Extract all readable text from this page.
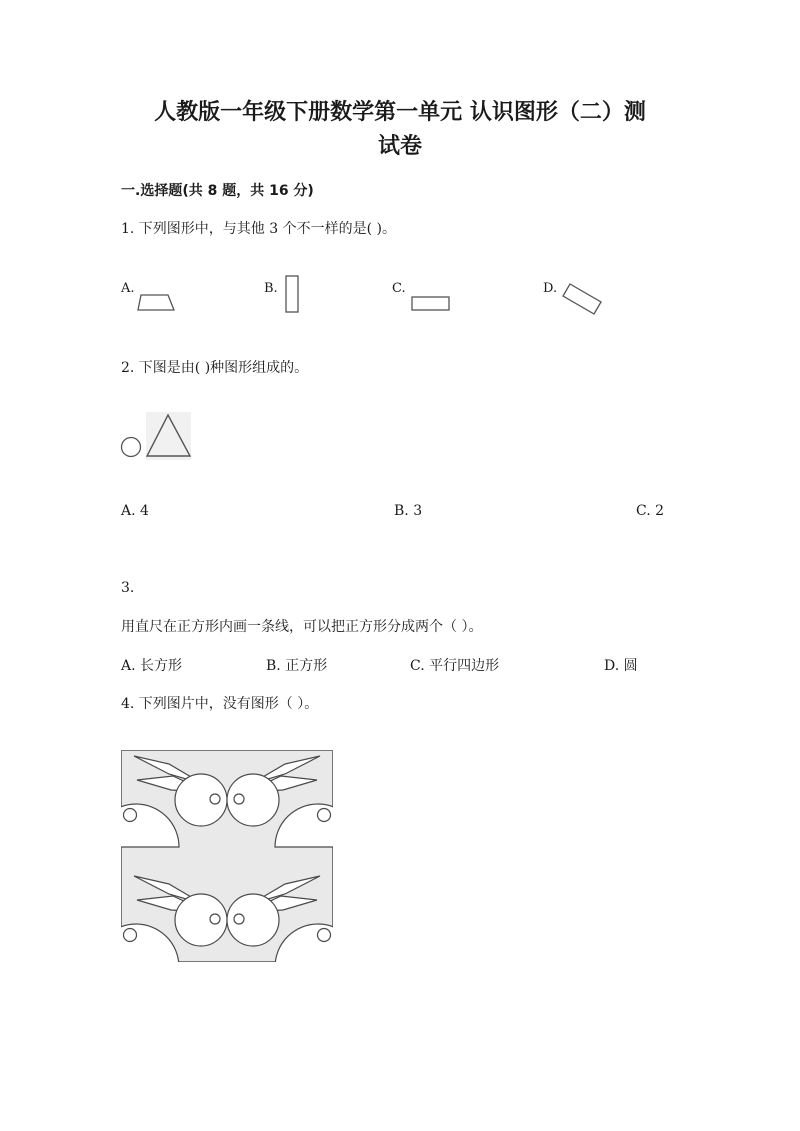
人教版一年级下册数学第一单元 认识图形（二）测
试卷
一.选择题(共 8 题，共 16 分)
1. 下列图形中，与其他 3 个不一样的是( )。
A.	B.	C.	D.
2. 下图是由( )种图形组成的。
A. 4	B. 3	C. 2
3.
用直尺在正方形内画一条线，可以把正方形分成两个（ ）。
A. 长方形	B. 正方形	C. 平行四边形	D. 圆
4. 下列图片中，没有图形（ ）。
